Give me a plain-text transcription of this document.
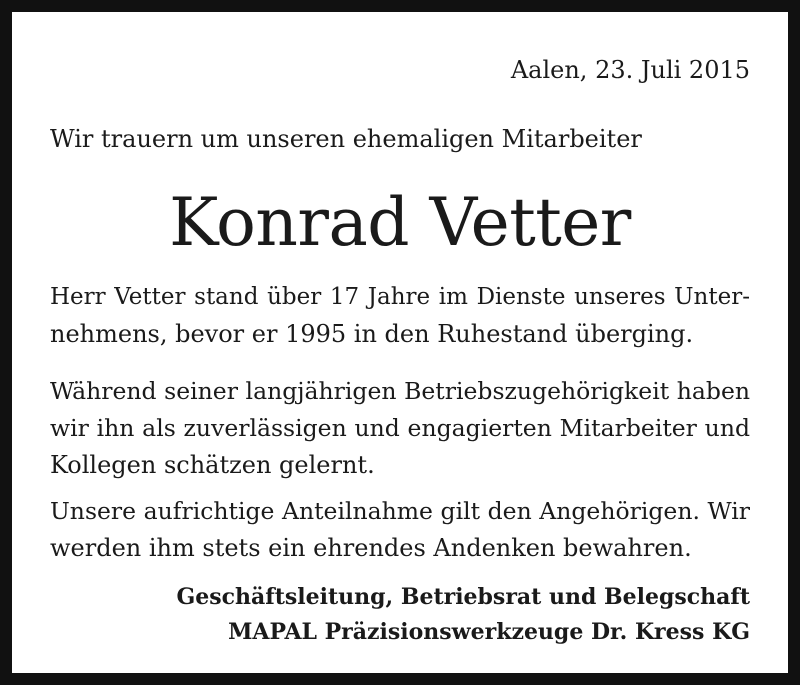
Aalen, 23. Juli 2015
Wir trauern um unseren ehemaligen Mitarbeiter
Konrad Vetter
Herr Vetter stand über 17 Jahre im Dienste unseres Unter-
nehmens, bevor er 1995 in den Ruhestand überging.
Während seiner langjährigen Betriebszugehörigkeit haben
wir ihn als zuverlässigen und engagierten Mitarbeiter und
Kollegen schätzen gelernt.
Unsere aufrichtige Anteilnahme gilt den Angehörigen. Wir
werden ihm stets ein ehrendes Andenken bewahren.
Geschäftsleitung, Betriebsrat und Belegschaft
MAPAL Präzisionswerkzeuge Dr. Kress KG
